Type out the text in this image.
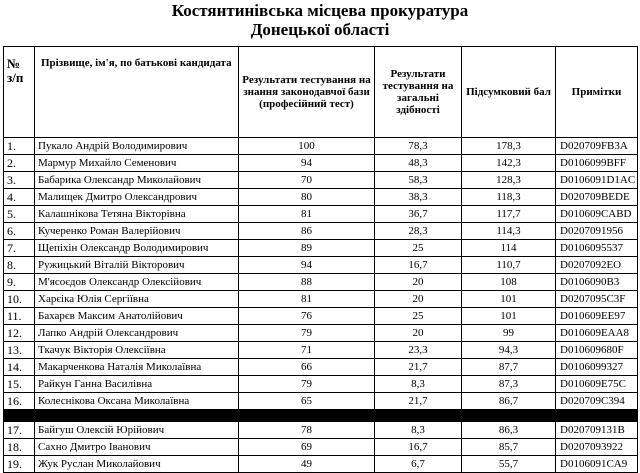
Костянтинівська місцева прокуратура
Донецької області
№ з/п	Прізвище, ім'я, по батькові кандидата	Результати тестування на знання законодавчої бази (професійний тест)	Результати тестування на загальні здібності	Підсумковий бал	Примітки
1.	Пукало Андрій Володимирович	100	78,3	178,3	D020709FB3A
2.	Мармур Михайло Семенович	94	48,3	142,3	D0106099BFF
3.	Бабарика Олександр Миколайович	70	58,3	128,3	D0106091D1AC
4.	Малищек Дмитро Олександрович	80	38,3	118,3	D020709BEDE
5.	Калашнікова Тетяна Вікторівна	81	36,7	117,7	D010609CABD
6.	Кучеренко Роман Валерійович	86	28,3	114,3	D0207091956
7.	Щепіхін Олександр Володимирович	89	25	114	D0106095537
8.	Ружицький Віталій Вікторович	94	16,7	110,7	D0207092EO
9.	М'ясоєдов Олександр Олексійович	88	20	108	D0106090B3
10.	Харєіка Юлія Сергіївна	81	20	101	D0207095C3F
11.	Бахарєв Максим Анатолійович	76	25	101	D010609EE97
12.	Лапко Андрій Олександрович	79	20	99	D010609EAA8
13.	Ткачук Вікторія Олексіївна	71	23,3	94,3	D010609680F
14.	Макарченкова Наталія Миколаївна	66	21,7	87,7	D0106099327
15.	Райкун Ганна Василівна	79	8,3	87,3	D010609E75C
16.	Колеснікова Оксана Миколаївна	65	21,7	86,7	D020709C394

17.	Байгуш Олексій Юрійович	78	8,3	86,3	D020709131B
18.	Сахно Дмитро Іванович	69	16,7	85,7	D0207093922
19.	Жук Руслан Миколайович	49	6,7	55,7	D0106091CA9
